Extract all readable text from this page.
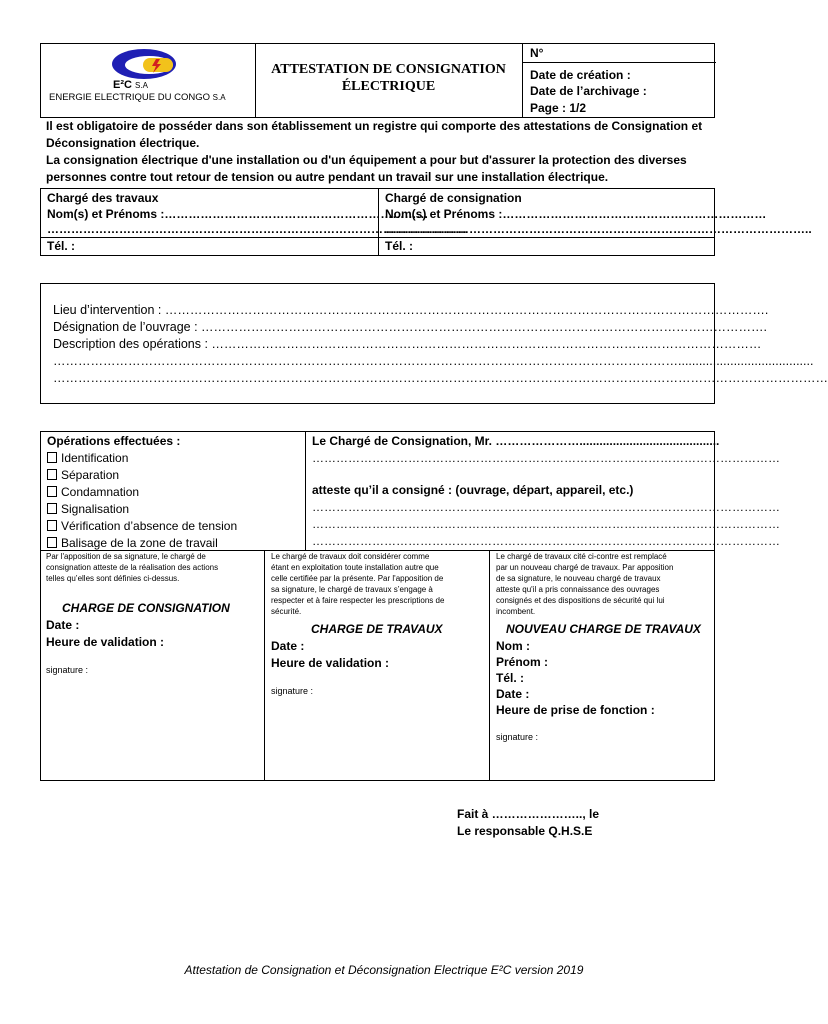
E²C S.A
ENERGIE ELECTRIQUE DU CONGO S.A
ATTESTATION DE CONSIGNATION
ÉLECTRIQUE
N°
Date de création :
Date de l’archivage :
Page : 1/2
Il est obligatoire de posséder dans son établissement un registre qui comporte des attestations de Consignation et
Déconsignation électrique.
La consignation électrique d'une installation ou d'un équipement a pour but d'assurer la protection des diverses
personnes contre tout retour de tension ou autre pendant un travail sur une installation électrique.
Chargé des travaux
Nom(s) et Prénoms :…………………………………………………………
……………………………………………………………………………………………
Tél. :
Chargé de consignation
Nom(s) et Prénoms :…………………………………………………………
……………………………………………………………………………………………..
Tél. :
Lieu d’intervention : ……………………………………………………………………………………………………………………………….
Désignation de l’ouvrage : ……………………………………………………………………………………………………………………….
Description des opérations : ……………………………………………………………………………………………………………………
…………………………………………………………………………………………………………………………………….......................................
……………………………………………………………………………………………………………………………………………………………………
Opérations effectuées :
Identification
Séparation
Condamnation
Signalisation
Vérification d’absence de tension
Balisage de la zone de travail
Le Chargé de Consignation, Mr. …………………..........................................
………………………………………………………………………………………………………
atteste qu’il a consigné : (ouvrage, départ, appareil, etc.)
………………………………………………………………………………………………………
………………………………………………………………………………………………………
………………………………………………………………………………………………………
Par l'apposition de sa signature, le chargé de
consignation atteste de la réalisation des actions
telles qu’elles sont définies ci-dessus.
CHARGE DE CONSIGNATION
Date :
Heure de validation :
signature :
Le chargé de travaux doit considérer comme
étant en exploitation toute installation autre que
celle certifiée par la présente. Par l'apposition de
sa signature, le chargé de travaux s’engage à
respecter et à faire respecter les prescriptions de
sécurité.
CHARGE DE TRAVAUX
Date :
Heure de validation :
signature :
Le chargé de travaux cité ci-contre est remplacé
par un nouveau chargé de travaux. Par apposition
de sa signature, le nouveau chargé de travaux
atteste qu'il a pris connaissance des ouvrages
consignés et des dispositions de sécurité qui lui
incombent.
NOUVEAU CHARGE DE TRAVAUX
Nom :
Prénom :
Tél. :
Date :
Heure de prise de fonction :
signature :
Fait à ………………….., le
Le responsable Q.H.S.E
Attestation de Consignation et Déconsignation Electrique E²C version 2019
